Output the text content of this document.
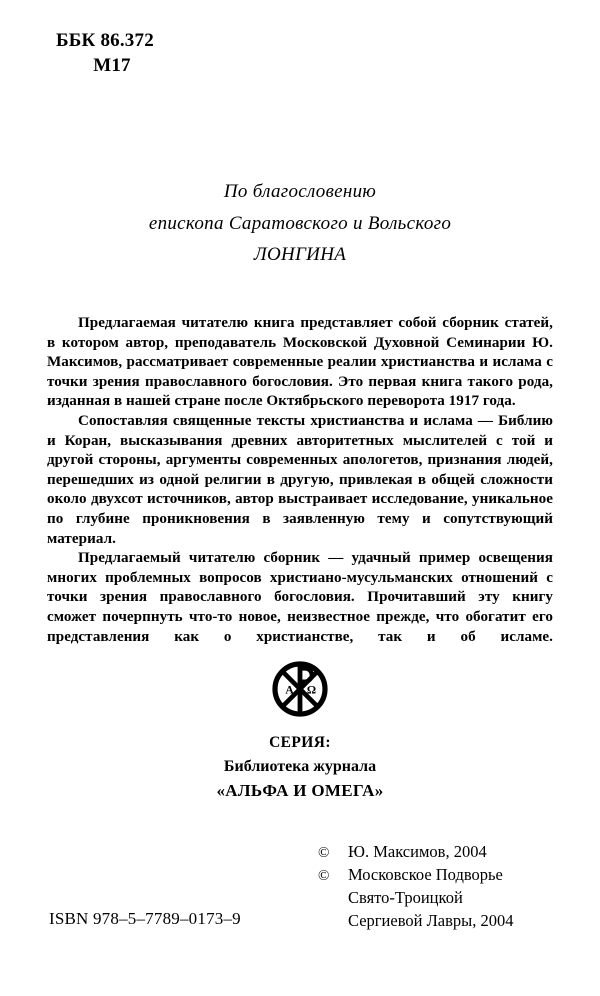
ББК 86.372
М17
По благословению
епископа Саратовского и Вольского
ЛОНГИНА

Предлагаемая читателю книга представляет собой сборник статей, в котором автор, преподаватель Московской Духовной Семинарии Ю. Максимов, рассматривает современные реалии христианства и ислама с точки зрения православного богословия. Это первая книга такого рода, изданная в нашей стране после Октябрьского переворота 1917 года.

Сопоставляя священные тексты христианства и ислама — Библию и Коран, высказывания древних авторитетных мыслителей с той и другой стороны, аргументы современных апологетов, признания людей, перешедших из одной религии в другую, привлекая в общей сложности около двухсот источников, автор выстраивает исследование, уникальное по глубине проникновения в заявленную тему и сопутствующий материал.

Предлагаемый читателю сборник — удачный пример освещения многих проблемных вопросов христиано-мусульманских отношений с точки зрения православного богословия. Прочитавший эту книгу сможет почерпнуть что-то новое, неизвестное прежде, что обогатит его представления как о христианстве, так и об исламе.

A Ω
СЕРИЯ:
Библиотека журнала
«АЛЬФА И ОМЕГА»
©	Ю. Максимов, 2004
©	Московское Подворье
Свято-Троицкой
Сергиевой Лавры, 2004
ISBN 978–5–7789–0173–9
